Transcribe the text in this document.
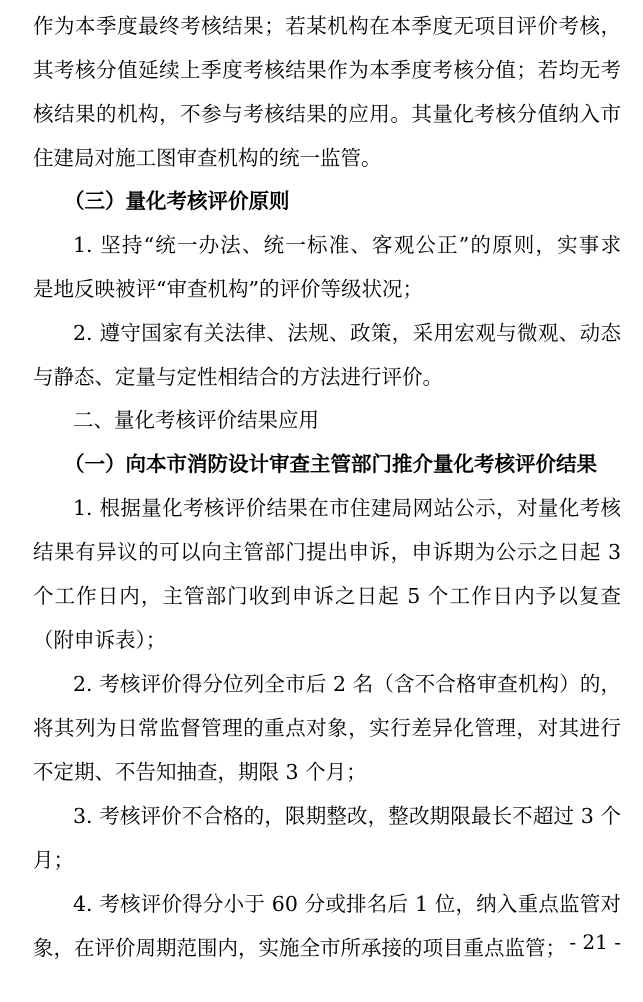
作为本季度最终考核结果；若某机构在本季度无项目评价考核，
其考核分值延续上季度考核结果作为本季度考核分值；若均无考
核结果的机构，不参与考核结果的应用。其量化考核分值纳入市
住建局对施工图审查机构的统一监管。
（三）量化考核评价原则
1. 坚持“统一办法、统一标准、客观公正”的原则，实事求
是地反映被评“审查机构”的评价等级状况；
2. 遵守国家有关法律、法规、政策，采用宏观与微观、动态
与静态、定量与定性相结合的方法进行评价。
二、量化考核评价结果应用
（一）向本市消防设计审查主管部门推介量化考核评价结果
1. 根据量化考核评价结果在市住建局网站公示，对量化考核
结果有异议的可以向主管部门提出申诉，申诉期为公示之日起 3
个工作日内，主管部门收到申诉之日起 5 个工作日内予以复查
（附申诉表）；
2. 考核评价得分位列全市后 2 名（含不合格审查机构）的，
将其列为日常监督管理的重点对象，实行差异化管理，对其进行
不定期、不告知抽查，期限 3 个月；
3. 考核评价不合格的，限期整改，整改期限最长不超过 3 个
月；
4. 考核评价得分小于 60 分或排名后 1 位，纳入重点监管对
象，在评价周期范围内，实施全市所承接的项目重点监管； - 21 -
